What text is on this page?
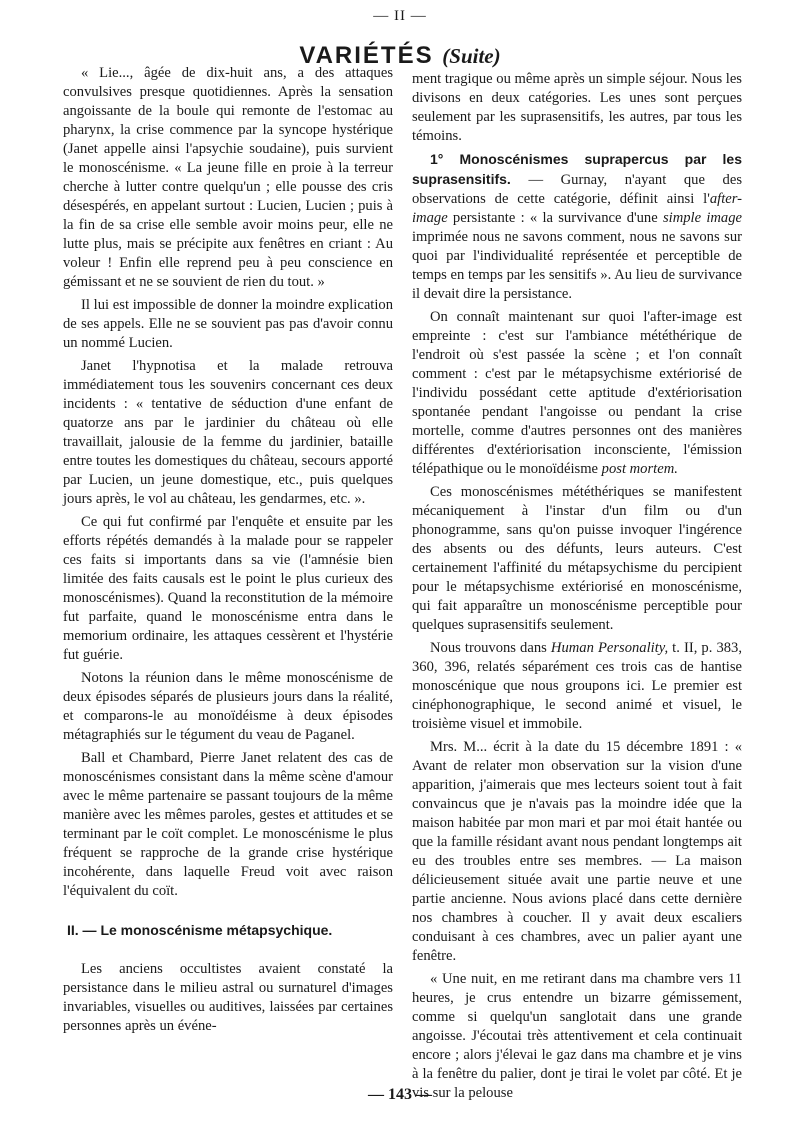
— II —
VARIÉTÉS (Suite)

« Lie..., âgée de dix-huit ans, a des attaques convulsives presque quotidiennes. Après la sensation angoissante de la boule qui remonte de l'estomac au pharynx, la crise commence par la syncope hystérique (Janet appelle ainsi l'apsychie soudaine), puis survient le monoscénisme. « La jeune fille en proie à la terreur cherche à lutter contre quelqu'un ; elle pousse des cris désespérés, en appelant surtout : Lucien, Lucien ; puis à la fin de sa crise elle semble avoir moins peur, elle ne lutte plus, mais se précipite aux fenêtres en criant : Au voleur ! Enfin elle reprend peu à peu conscience en gémissant et ne se souvient de rien du tout. »

Il lui est impossible de donner la moindre explication de ses appels. Elle ne se souvient pas pas d'avoir connu un nommé Lucien.

Janet l'hypnotisa et la malade retrouva immédiatement tous les souvenirs concernant ces deux incidents : « tentative de séduction d'une enfant de quatorze ans par le jardinier du château où elle travaillait, jalousie de la femme du jardinier, bataille entre toutes les domestiques du château, secours apporté par Lucien, un jeune domestique, etc., puis quelques jours après, le vol au château, les gendarmes, etc. ».

Ce qui fut confirmé par l'enquête et ensuite par les efforts répétés demandés à la malade pour se rappeler ces faits si importants dans sa vie (l'amnésie bien limitée des faits causals est le point le plus curieux des monoscénismes). Quand la reconstitution de la mémoire fut parfaite, quand le monoscénisme entra dans le memorium ordinaire, les attaques cessèrent et l'hystérie fut guérie.

Notons la réunion dans le même monoscénisme de deux épisodes séparés de plusieurs jours dans la réalité, et comparons-le au monoïdéisme à deux épisodes métagraphiés sur le tégument du veau de Paganel.

Ball et Chambard, Pierre Janet relatent des cas de monoscénismes consistant dans la même scène d'amour avec le même partenaire se passant toujours de la même manière avec les mêmes paroles, gestes et attitudes et se terminant par le coït complet. Le monoscénisme le plus fréquent se rapproche de la grande crise hystérique incohérente, dans laquelle Freud voit avec raison l'équivalent du coït.

II. — Le monoscénisme métapsychique.

Les anciens occultistes avaient constaté la persistance dans le milieu astral ou surnaturel d'images invariables, visuelles ou auditives, laissées par certaines personnes après un événe-

ment tragique ou même après un simple séjour. Nous les divisons en deux catégories. Les unes sont perçues seulement par les suprasensitifs, les autres, par tous les témoins.

1° Monoscénismes suprapercus par les suprasensitifs. — Gurnay, n'ayant que des observations de cette catégorie, définit ainsi l'after-image persistante : « la survivance d'une simple image imprimée nous ne savons comment, nous ne savons sur quoi par l'individualité représentée et perceptible de temps en temps par les sensitifs ». Au lieu de survivance il devait dire la persistance.

On connaît maintenant sur quoi l'after-image est empreinte : c'est sur l'ambiance météthérique de l'endroit où s'est passée la scène ; et l'on connaît comment : c'est par le métapsychisme extériorisé de l'individu possédant cette aptitude d'extériorisation spontanée pendant l'angoisse ou pendant la crise mortelle, comme d'autres personnes ont des manières différentes d'extériorisation inconsciente, l'émission télépathique ou le monoïdéisme post mortem.

Ces monoscénismes météthériques se manifestent mécaniquement à l'instar d'un film ou d'un phonogramme, sans qu'on puisse invoquer l'ingérence des absents ou des défunts, leurs auteurs. C'est certainement l'affinité du métapsychisme du percipient pour le métapsychisme extériorisé en monoscénisme, qui fait apparaître un monoscénisme perceptible pour quelques suprasensitifs seulement.

Nous trouvons dans Human Personality, t. II, p. 383, 360, 396, relatés séparément ces trois cas de hantise monoscénique que nous groupons ici. Le premier est cinéphonographique, le second animé et visuel, le troisième visuel et immobile.

Mrs. M... écrit à la date du 15 décembre 1891 : « Avant de relater mon observation sur la vision d'une apparition, j'aimerais que mes lecteurs soient tout à fait convaincus que je n'avais pas la moindre idée que la maison habitée par mon mari et par moi était hantée ou que la famille résidant avant nous pendant longtemps ait eu des troubles entre ses membres. — La maison délicieusement située avait une partie neuve et une partie ancienne. Nous avions placé dans cette dernière nos chambres à coucher. Il y avait deux escaliers conduisant à ces chambres, avec un palier ayant une fenêtre.

« Une nuit, en me retirant dans ma chambre vers 11 heures, je crus entendre un bizarre gémissement, comme si quelqu'un sanglotait dans une grande angoisse. J'écoutai très attentivement et cela continuait encore ; alors j'élevai le gaz dans ma chambre et je vins à la fenêtre du palier, dont je tirai le volet par côté. Et je vis sur la pelouse

— 143 —
